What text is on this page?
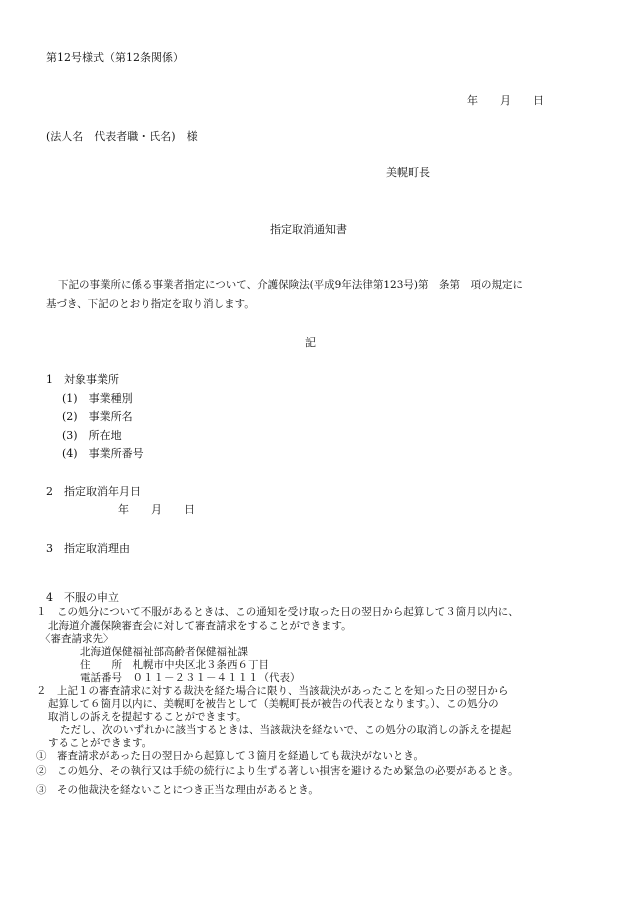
第12号様式（第12条関係）
年　　月　　日
(法人名　代表者職・氏名)　様
美幌町長
指定取消通知書
下記の事業所に係る事業者指定について、介護保険法(平成9年法律第123号)第　条第　項の規定に
基づき、下記のとおり指定を取り消します。
記
1　対象事業所
(1)　事業種別
(2)　事業所名
(3)　所在地
(4)　事業所番号
2　指定取消年月日
年　　月　　日
3　指定取消理由
4　不服の申立
１　この処分について不服があるときは、この通知を受け取った日の翌日から起算して３箇月以内に、
北海道介護保険審査会に対して審査請求をすることができます。
〈審査請求先〉
北海道保健福祉部高齢者保健福祉課
住　　所　札幌市中央区北３条西６丁目
電話番号　０１１－２３１－４１１１（代表）
２　上記１の審査請求に対する裁決を経た場合に限り、当該裁決があったことを知った日の翌日から
起算して６箇月以内に、美幌町を被告として（美幌町長が被告の代表となります。）、この処分の
取消しの訴えを提起することができます。
ただし、次のいずれかに該当するときは、当該裁決を経ないで、この処分の取消しの訴えを提起
することができます。
①　審査請求があった日の翌日から起算して３箇月を経過しても裁決がないとき。
②　この処分、その執行又は手続の続行により生ずる著しい損害を避けるため緊急の必要があるとき。
③　その他裁決を経ないことにつき正当な理由があるとき。
